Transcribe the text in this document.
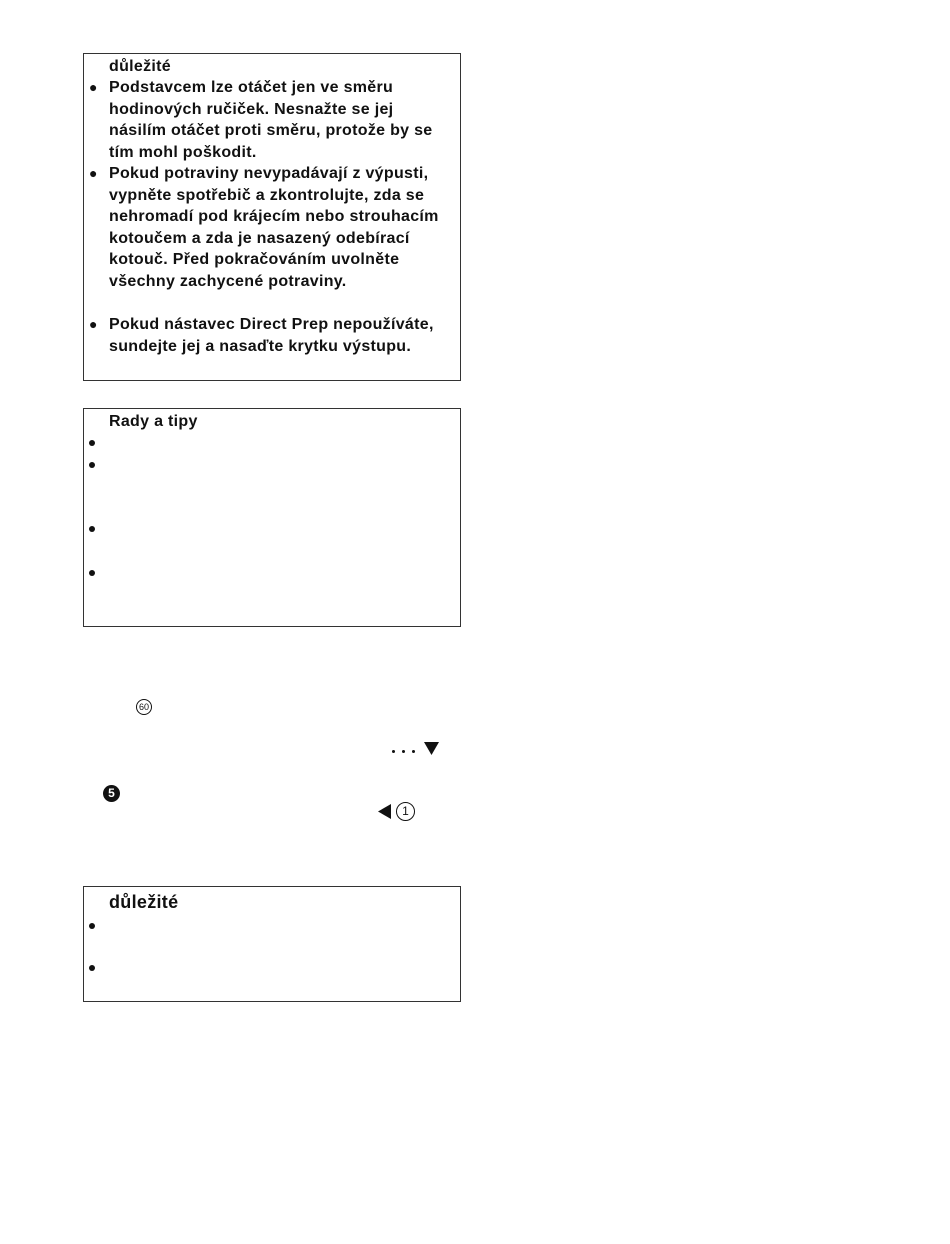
důležité
● Podstavcem lze otáčet jen ve směru hodinových ručiček. Nesnažte se jej násilím otáčet proti směru, protože by se tím mohl poškodit.
● Pokud potraviny nevypadávají z výpusti, vypněte spotřebič a zkontrolujte, zda se nehromadí pod krájecím nebo strouhacím kotoučem a zda je nasazený odebírací kotouč. Před pokračováním uvolněte všechny zachycené potraviny.
● Pokud nástavec Direct Prep nepoužíváte, sundejte jej a nasaďte krytku výstupu.
Rady a tipy
60
5
1
důležité
